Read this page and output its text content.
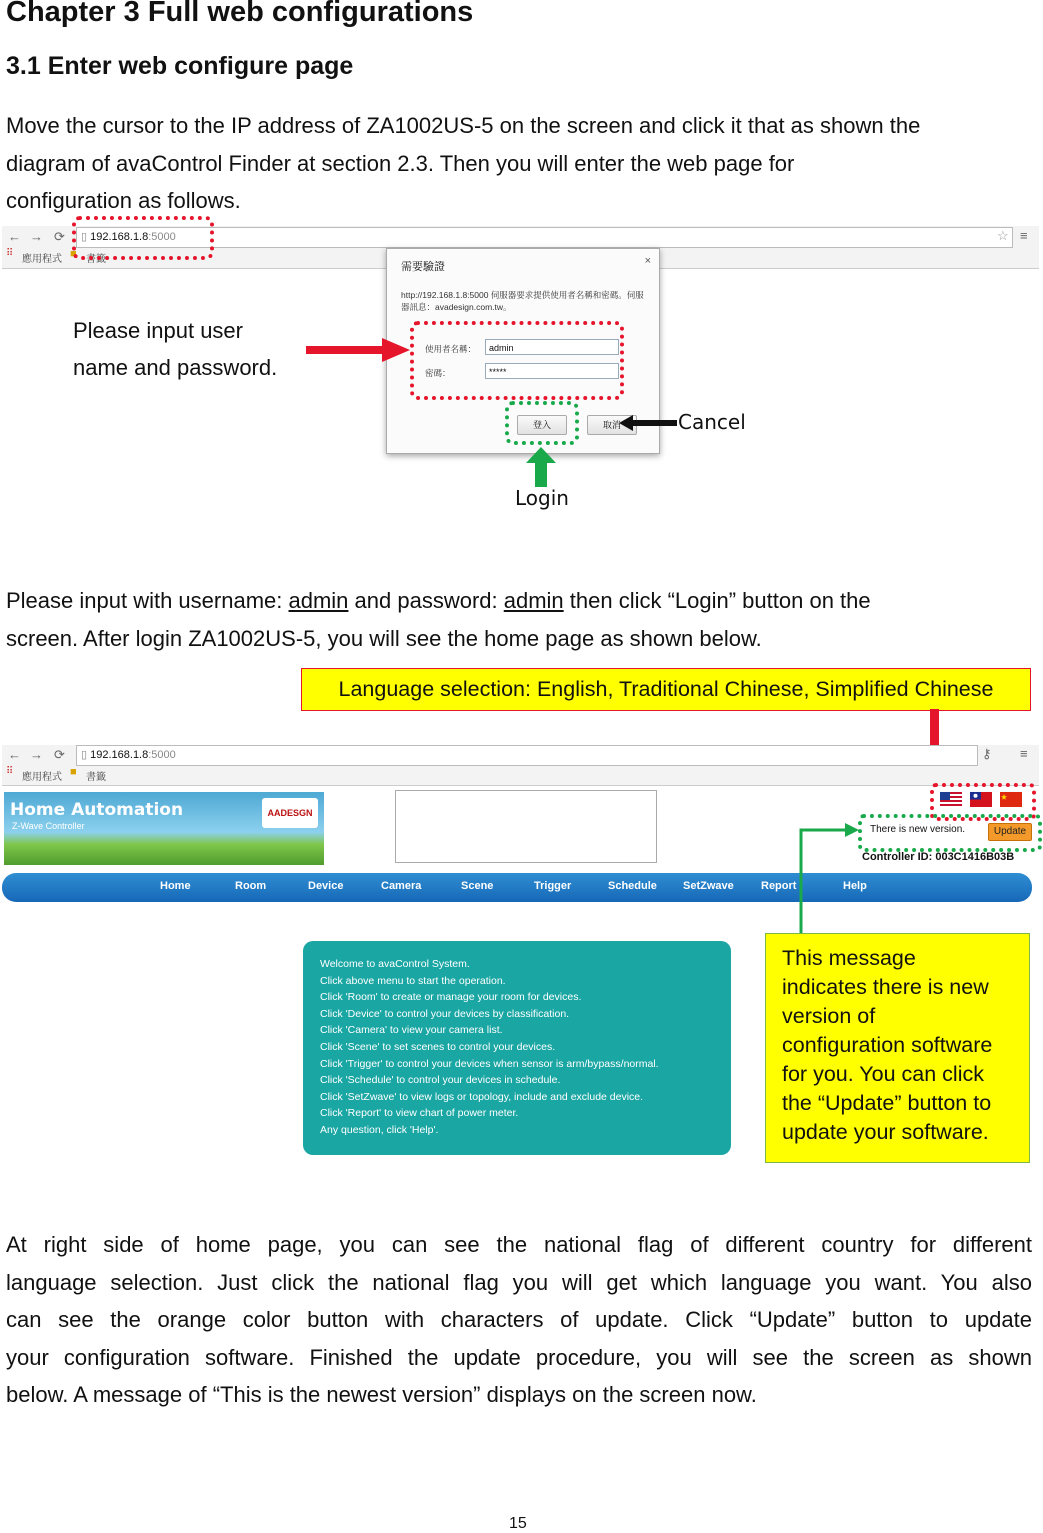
Chapter 3 Full web configurations
3.1 Enter web configure page
Move the cursor to the IP address of ZA1002US-5 on the screen and click it that as shown the
diagram of avaControl Finder at section 2.3. Then you will enter the web page for
configuration as follows.
← → ⟳	▯ 192.168.1.8:5000	☆ ≡
⠿
應用程式 ■ 書籤
需要驗證	×
http://192.168.1.8:5000 伺服器要求提供使用者名稱和密碼。伺服器訊息：avadesign.com.tw。
使用者名稱：	admin
密碼：	*****
登入	取消
Please input user
name and password.
Cancel
Login
Please input with username: admin and password: admin then click “Login” button on the
screen. After login ZA1002US-5, you will see the home page as shown below.
Language selection: English, Traditional Chinese, Simplified Chinese
← → ⟳	▯ 192.168.1.8:5000	⚷ ≡
⠿
應用程式 ■ 書籤
Home Automation
Z-Wave Controller
AADESGN
There is new version.	Update
Controller ID: 003C1416B03B
Home	Room	Device	Camera	Scene	Trigger	Schedule SetZwave Report	Help
Welcome to avaControl System.
Click above menu to start the operation.
Click 'Room' to create or manage your room for devices.
Click 'Device' to control your devices by classification.
Click 'Camera' to view your camera list.
Click 'Scene' to set scenes to control your devices.
Click 'Trigger' to control your devices when sensor is arm/bypass/normal.
Click 'Schedule' to control your devices in schedule.
Click 'SetZwave' to view logs or topology, include and exclude device.
Click 'Report' to view chart of power meter.
Any question, click 'Help'.
This message
indicates there is new
version of
configuration software
for you. You can click
the “Update” button to
update your software.
At right side of home page, you can see the national flag of different country for different
language selection. Just click the national flag you will get which language you want. You also
can see the orange color button with characters of update. Click “Update” button to update
your configuration software. Finished the update procedure, you will see the screen as shown
below. A message of “This is the newest version” displays on the screen now.
15
